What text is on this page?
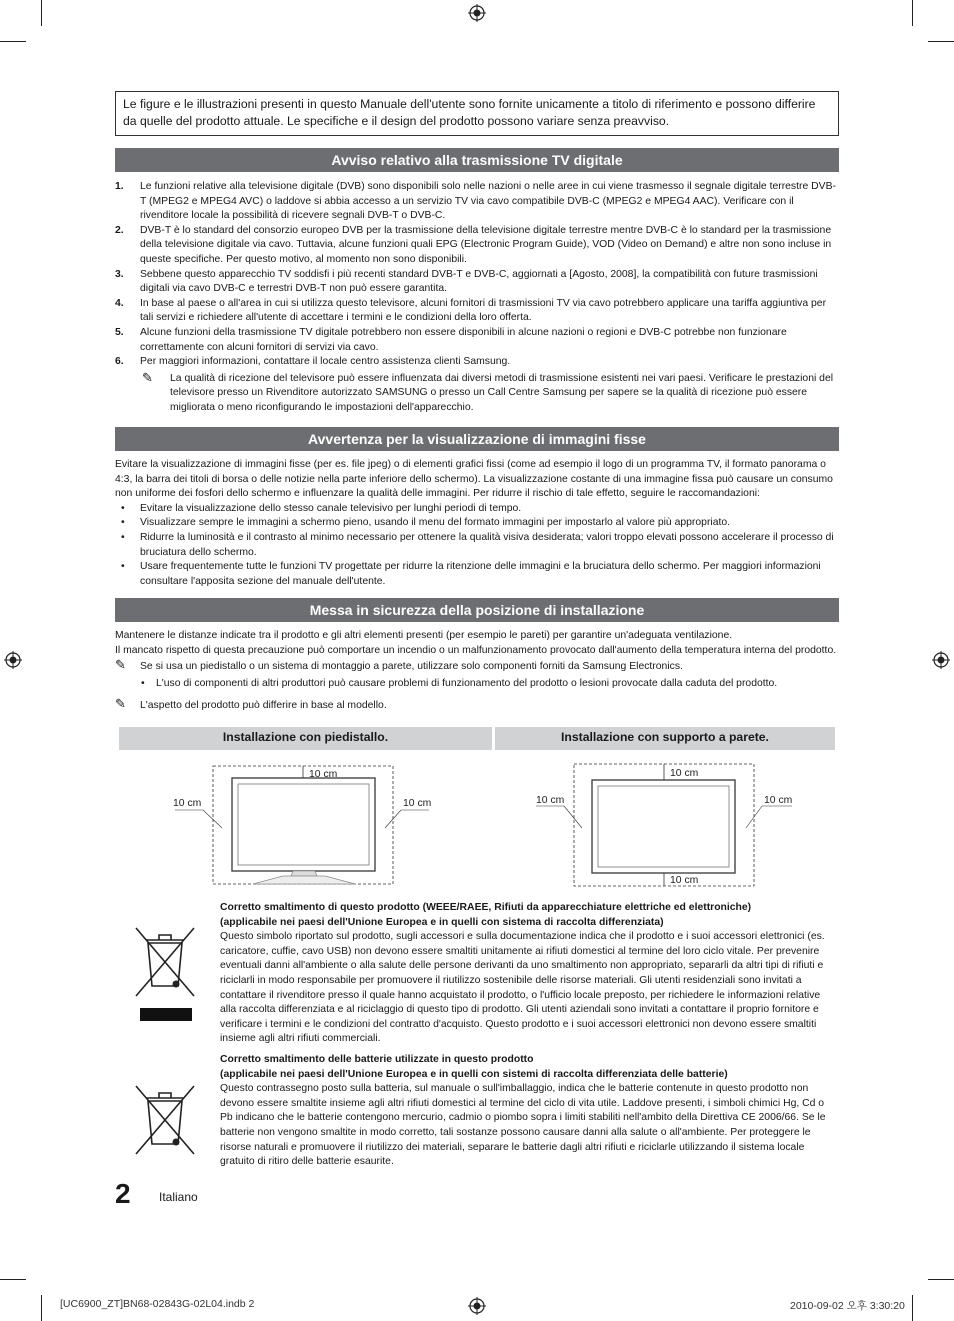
Le figure e le illustrazioni presenti in questo Manuale dell'utente sono fornite unicamente a titolo di riferimento e possono differire da quelle del prodotto attuale. Le specifiche e il design del prodotto possono variare senza preavviso.
Avviso relativo alla trasmissione TV digitale
1. Le funzioni relative alla televisione digitale (DVB) sono disponibili solo nelle nazioni o nelle aree in cui viene trasmesso il segnale digitale terrestre DVB-T (MPEG2 e MPEG4 AVC) o laddove si abbia accesso a un servizio TV via cavo compatibile DVB-C (MPEG2 e MPEG4 AAC). Verificare con il rivenditore locale la possibilità di ricevere segnali DVB-T o DVB-C.
2. DVB-T è lo standard del consorzio europeo DVB per la trasmissione della televisione digitale terrestre mentre DVB-C è lo standard per la trasmissione della televisione digitale via cavo. Tuttavia, alcune funzioni quali EPG (Electronic Program Guide), VOD (Video on Demand) e altre non sono incluse in queste specifiche. Per questo motivo, al momento non sono disponibili.
3. Sebbene questo apparecchio TV soddisfi i più recenti standard DVB-T e DVB-C, aggiornati a [Agosto, 2008], la compatibilità con future trasmissioni digitali via cavo DVB-C e terrestri DVB-T non può essere garantita.
4. In base al paese o all'area in cui si utilizza questo televisore, alcuni fornitori di trasmissioni TV via cavo potrebbero applicare una tariffa aggiuntiva per tali servizi e richiedere all'utente di accettare i termini e le condizioni della loro offerta.
5. Alcune funzioni della trasmissione TV digitale potrebbero non essere disponibili in alcune nazioni o regioni e DVB-C potrebbe non funzionare correttamente con alcuni fornitori di servizi via cavo.
6. Per maggiori informazioni, contattare il locale centro assistenza clienti Samsung.
✎ La qualità di ricezione del televisore può essere influenzata dai diversi metodi di trasmissione esistenti nei vari paesi. Verificare le prestazioni del televisore presso un Rivenditore autorizzato SAMSUNG o presso un Call Centre Samsung per sapere se la qualità di ricezione può essere migliorata o meno riconfigurando le impostazioni dell'apparecchio.
Avvertenza per la visualizzazione di immagini fisse
Evitare la visualizzazione di immagini fisse (per es. file jpeg) o di elementi grafici fissi (come ad esempio il logo di un programma TV, il formato panorama o 4:3, la barra dei titoli di borsa o delle notizie nella parte inferiore dello schermo). La visualizzazione costante di una immagine fissa può causare un consumo non uniforme dei fosfori dello schermo e influenzare la qualità delle immagini. Per ridurre il rischio di tale effetto, seguire le raccomandazioni:
• Evitare la visualizzazione dello stesso canale televisivo per lunghi periodi di tempo.
• Visualizzare sempre le immagini a schermo pieno, usando il menu del formato immagini per impostarlo al valore più appropriato.
• Ridurre la luminosità e il contrasto al minimo necessario per ottenere la qualità visiva desiderata; valori troppo elevati possono accelerare il processo di bruciatura dello schermo.
• Usare frequentemente tutte le funzioni TV progettate per ridurre la ritenzione delle immagini e la bruciatura dello schermo. Per maggiori informazioni consultare l'apposita sezione del manuale dell'utente.
Messa in sicurezza della posizione di installazione
Mantenere le distanze indicate tra il prodotto e gli altri elementi presenti (per esempio le pareti) per garantire un'adeguata ventilazione.
Il mancato rispetto di questa precauzione può comportare un incendio o un malfunzionamento provocato dall'aumento della temperatura interna del prodotto.
✎ Se si usa un piedistallo o un sistema di montaggio a parete, utilizzare solo componenti forniti da Samsung Electronics.
• L'uso di componenti di altri produttori può causare problemi di funzionamento del prodotto o lesioni provocate dalla caduta del prodotto.
✎ L'aspetto del prodotto può differire in base al modello.
Installazione con piedistallo.	Installazione con supporto a parete.
10 cm
10 cm	10 cm
10 cm
10 cm
10 cm	10 cm
Corretto smaltimento di questo prodotto (WEEE/RAEE, Rifiuti da apparecchiature elettriche ed elettroniche)
(applicabile nei paesi dell'Unione Europea e in quelli con sistema di raccolta differenziata)
Questo simbolo riportato sul prodotto, sugli accessori e sulla documentazione indica che il prodotto e i suoi accessori elettronici (es. caricatore, cuffie, cavo USB) non devono essere smaltiti unitamente ai rifiuti domestici al termine del loro ciclo vitale. Per prevenire eventuali danni all'ambiente o alla salute delle persone derivanti da uno smaltimento non appropriato, separarli da altri tipi di rifiuti e riciclarli in modo responsabile per promuovere il riutilizzo sostenibile delle risorse materiali. Gli utenti residenziali sono invitati a contattare il rivenditore presso il quale hanno acquistato il prodotto, o l'ufficio locale preposto, per richiedere le informazioni relative alla raccolta differenziata e al riciclaggio di questo tipo di prodotto. Gli utenti aziendali sono invitati a contattare il proprio fornitore e verificare i termini e le condizioni del contratto d'acquisto. Questo prodotto e i suoi accessori elettronici non devono essere smaltiti insieme agli altri rifiuti commerciali.
Corretto smaltimento delle batterie utilizzate in questo prodotto
(applicabile nei paesi dell'Unione Europea e in quelli con sistemi di raccolta differenziata delle batterie)
Questo contrassegno posto sulla batteria, sul manuale o sull'imballaggio, indica che le batterie contenute in questo prodotto non devono essere smaltite insieme agli altri rifiuti domestici al termine del ciclo di vita utile. Laddove presenti, i simboli chimici Hg, Cd o Pb indicano che le batterie contengono mercurio, cadmio o piombo sopra i limiti stabiliti nell'ambito della Direttiva CE 2006/66. Se le batterie non vengono smaltite in modo corretto, tali sostanze possono causare danni alla salute o all'ambiente. Per proteggere le risorse naturali e promuovere il riutilizzo dei materiali, separare le batterie dagli altri rifiuti e riciclarle utilizzando il sistema locale gratuito di ritiro delle batterie esaurite.
2 Italiano
[UC6900_ZT]BN68-02843G-02L04.indb 2	2010-09-02 오후 3:30:20
